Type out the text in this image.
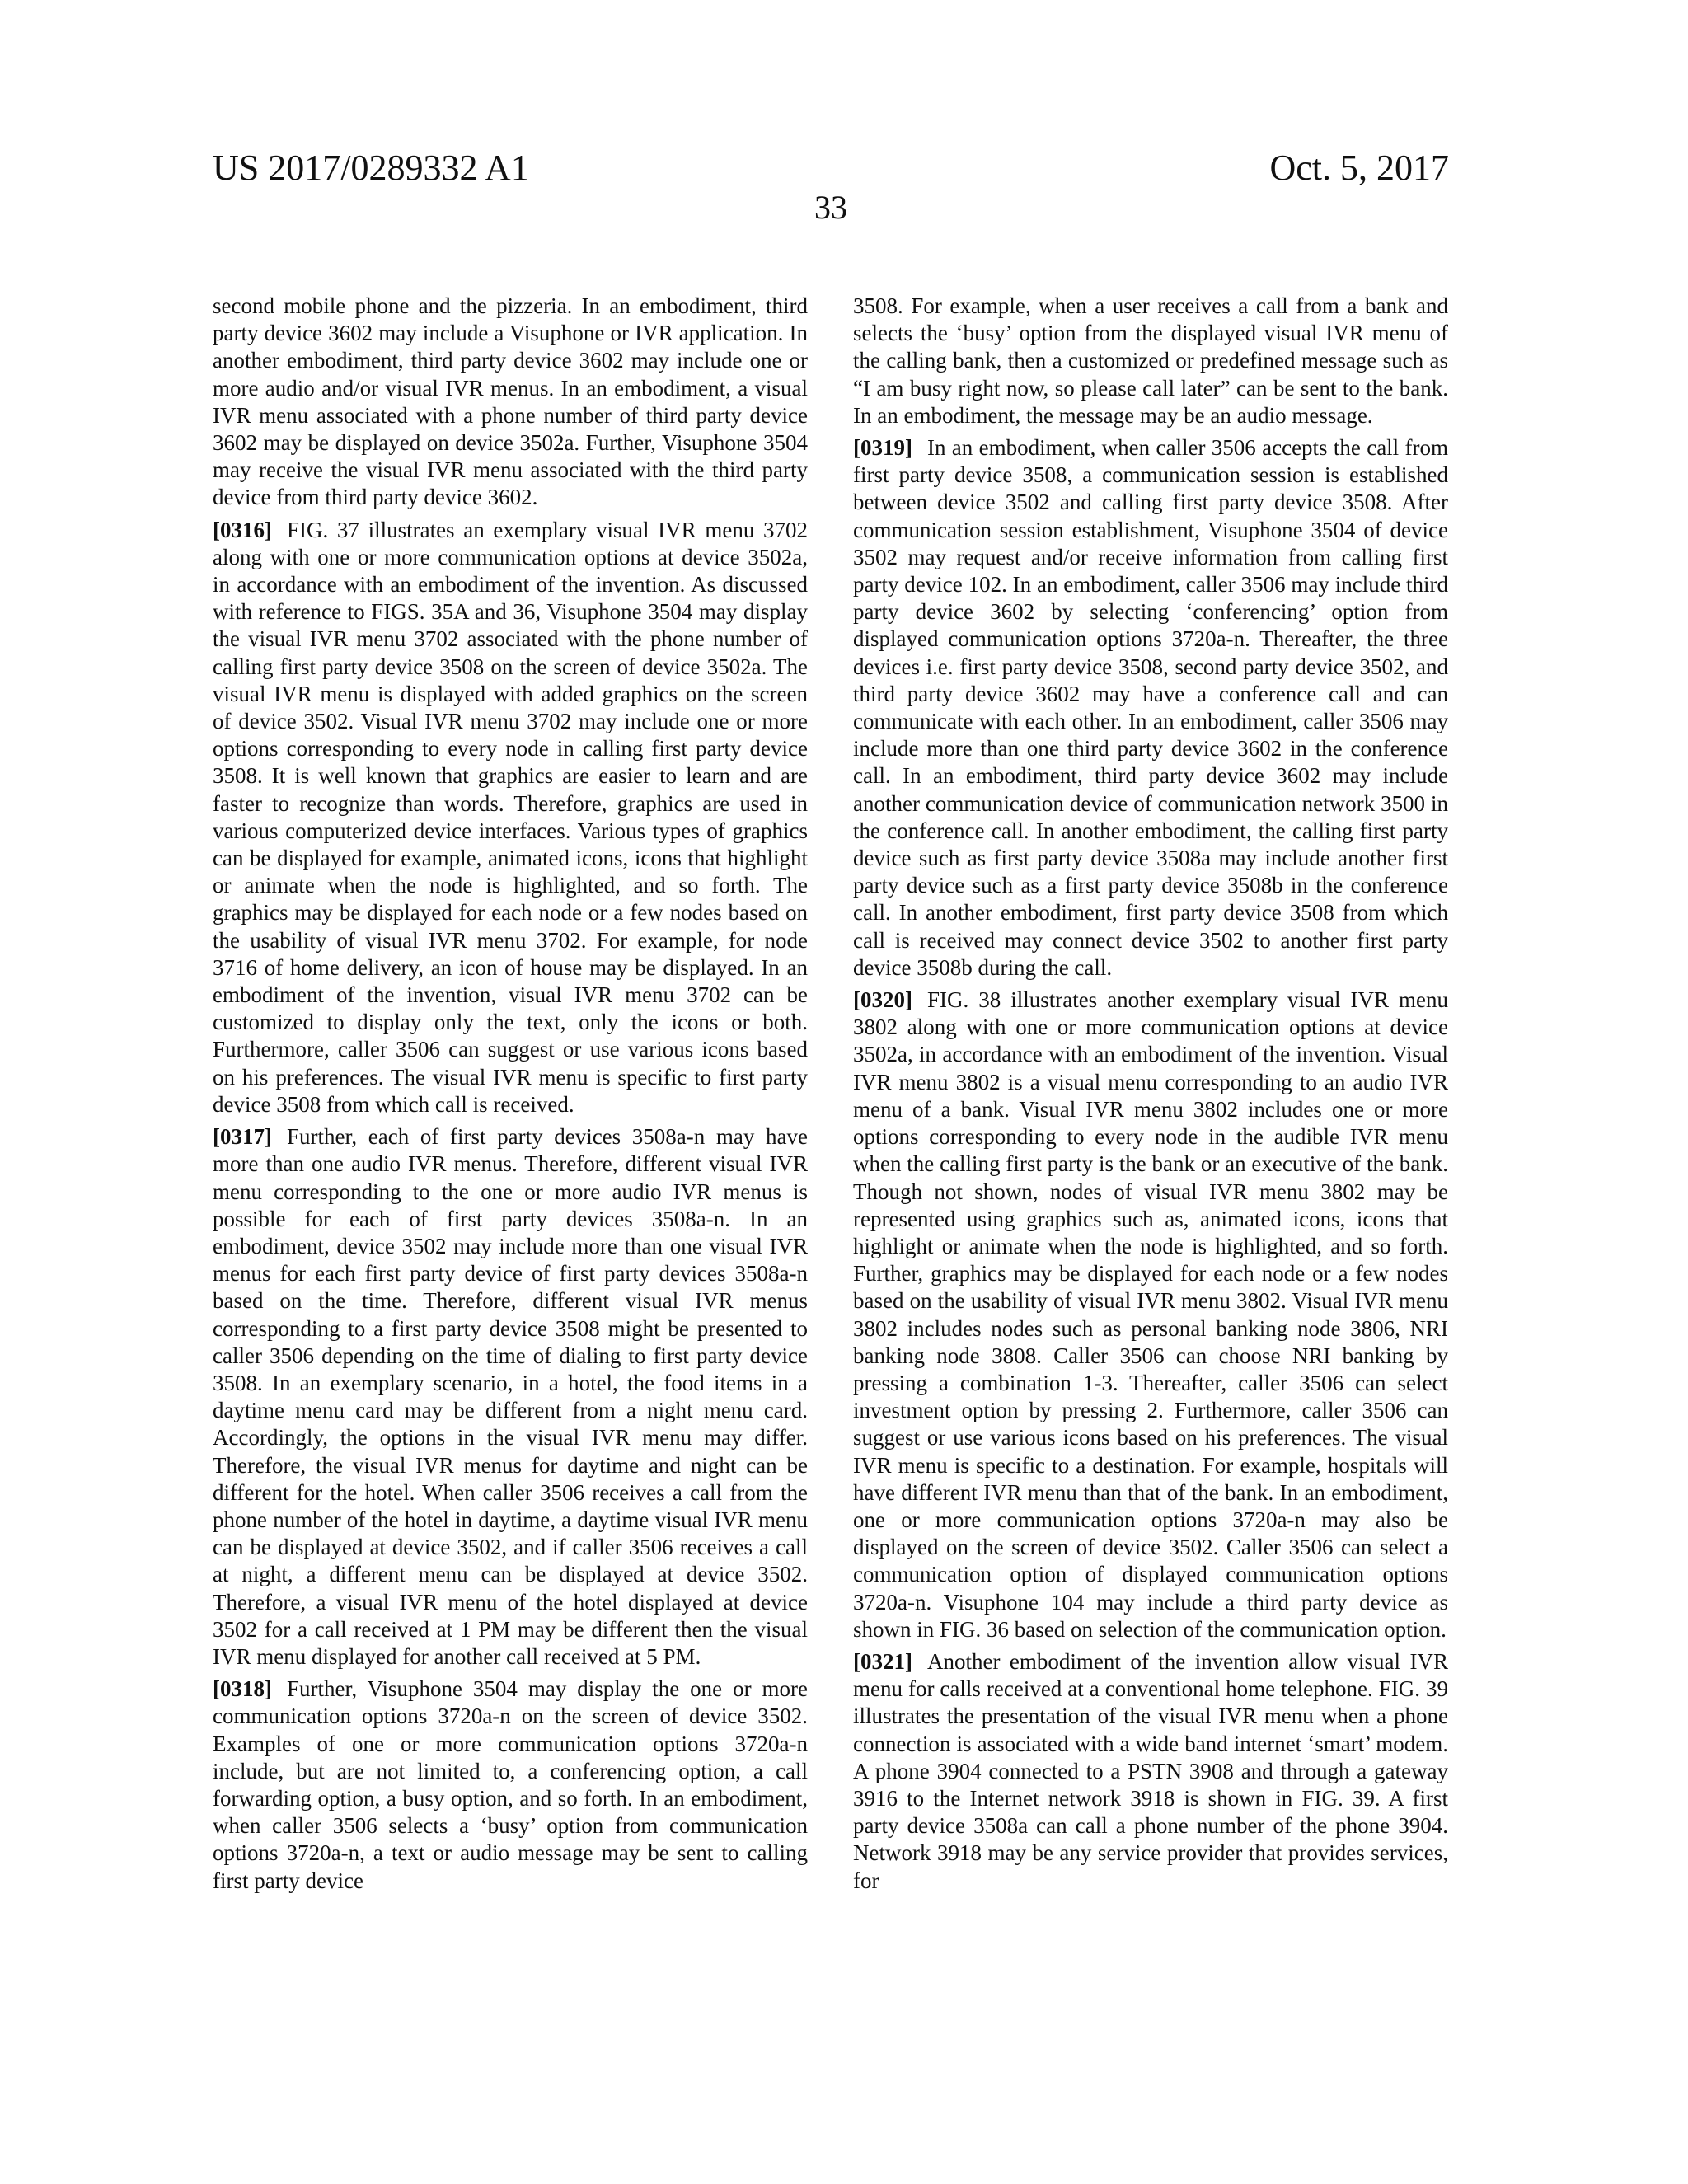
US 2017/0289332 A1	Oct. 5, 2017
33

second mobile phone and the pizzeria. In an embodiment, third party device 3602 may include a Visuphone or IVR application. In another embodiment, third party device 3602 may include one or more audio and/or visual IVR menus. In an embodiment, a visual IVR menu associated with a phone number of third party device 3602 may be displayed on device 3502a. Further, Visuphone 3504 may receive the visual IVR menu associated with the third party device from third party device 3602.

[0316] FIG. 37 illustrates an exemplary visual IVR menu 3702 along with one or more communication options at device 3502a, in accordance with an embodiment of the invention. As discussed with reference to FIGS. 35A and 36, Visuphone 3504 may display the visual IVR menu 3702 associated with the phone number of calling first party device 3508 on the screen of device 3502a. The visual IVR menu is displayed with added graphics on the screen of device 3502. Visual IVR menu 3702 may include one or more options corresponding to every node in calling first party device 3508. It is well known that graphics are easier to learn and are faster to recognize than words. Therefore, graphics are used in various computerized device interfaces. Various types of graphics can be displayed for example, animated icons, icons that highlight or animate when the node is highlighted, and so forth. The graphics may be displayed for each node or a few nodes based on the usability of visual IVR menu 3702. For example, for node 3716 of home delivery, an icon of house may be displayed. In an embodiment of the invention, visual IVR menu 3702 can be customized to display only the text, only the icons or both. Furthermore, caller 3506 can suggest or use various icons based on his preferences. The visual IVR menu is specific to first party device 3508 from which call is received.

[0317] Further, each of first party devices 3508a-n may have more than one audio IVR menus. Therefore, different visual IVR menu corresponding to the one or more audio IVR menus is possible for each of first party devices 3508a-n. In an embodiment, device 3502 may include more than one visual IVR menus for each first party device of first party devices 3508a-n based on the time. Therefore, different visual IVR menus corresponding to a first party device 3508 might be presented to caller 3506 depending on the time of dialing to first party device 3508. In an exemplary scenario, in a hotel, the food items in a daytime menu card may be different from a night menu card. Accordingly, the options in the visual IVR menu may differ. Therefore, the visual IVR menus for daytime and night can be different for the hotel. When caller 3506 receives a call from the phone number of the hotel in daytime, a daytime visual IVR menu can be displayed at device 3502, and if caller 3506 receives a call at night, a different menu can be displayed at device 3502. Therefore, a visual IVR menu of the hotel displayed at device 3502 for a call received at 1 PM may be different then the visual IVR menu displayed for another call received at 5 PM.

[0318] Further, Visuphone 3504 may display the one or more communication options 3720a-n on the screen of device 3502. Examples of one or more communication options 3720a-n include, but are not limited to, a conferencing option, a call forwarding option, a busy option, and so forth. In an embodiment, when caller 3506 selects a ‘busy’ option from communication options 3720a-n, a text or audio message may be sent to calling first party device

3508. For example, when a user receives a call from a bank and selects the ‘busy’ option from the displayed visual IVR menu of the calling bank, then a customized or predefined message such as “I am busy right now, so please call later” can be sent to the bank. In an embodiment, the message may be an audio message.

[0319] In an embodiment, when caller 3506 accepts the call from first party device 3508, a communication session is established between device 3502 and calling first party device 3508. After communication session establishment, Visuphone 3504 of device 3502 may request and/or receive information from calling first party device 102. In an embodiment, caller 3506 may include third party device 3602 by selecting ‘conferencing’ option from displayed communication options 3720a-n. Thereafter, the three devices i.e. first party device 3508, second party device 3502, and third party device 3602 may have a conference call and can communicate with each other. In an embodiment, caller 3506 may include more than one third party device 3602 in the conference call. In an embodiment, third party device 3602 may include another communication device of communication network 3500 in the conference call. In another embodiment, the calling first party device such as first party device 3508a may include another first party device such as a first party device 3508b in the conference call. In another embodiment, first party device 3508 from which call is received may connect device 3502 to another first party device 3508b during the call.

[0320] FIG. 38 illustrates another exemplary visual IVR menu 3802 along with one or more communication options at device 3502a, in accordance with an embodiment of the invention. Visual IVR menu 3802 is a visual menu corresponding to an audio IVR menu of a bank. Visual IVR menu 3802 includes one or more options corresponding to every node in the audible IVR menu when the calling first party is the bank or an executive of the bank. Though not shown, nodes of visual IVR menu 3802 may be represented using graphics such as, animated icons, icons that highlight or animate when the node is highlighted, and so forth. Further, graphics may be displayed for each node or a few nodes based on the usability of visual IVR menu 3802. Visual IVR menu 3802 includes nodes such as personal banking node 3806, NRI banking node 3808. Caller 3506 can choose NRI banking by pressing a combination 1-3. Thereafter, caller 3506 can select investment option by pressing 2. Furthermore, caller 3506 can suggest or use various icons based on his preferences. The visual IVR menu is specific to a destination. For example, hospitals will have different IVR menu than that of the bank. In an embodiment, one or more communication options 3720a-n may also be displayed on the screen of device 3502. Caller 3506 can select a communication option of displayed communication options 3720a-n. Visuphone 104 may include a third party device as shown in FIG. 36 based on selection of the communication option.

[0321] Another embodiment of the invention allow visual IVR menu for calls received at a conventional home telephone. FIG. 39 illustrates the presentation of the visual IVR menu when a phone connection is associated with a wide band internet ‘smart’ modem. A phone 3904 connected to a PSTN 3908 and through a gateway 3916 to the Internet network 3918 is shown in FIG. 39. A first party device 3508a can call a phone number of the phone 3904. Network 3918 may be any service provider that provides services, for
